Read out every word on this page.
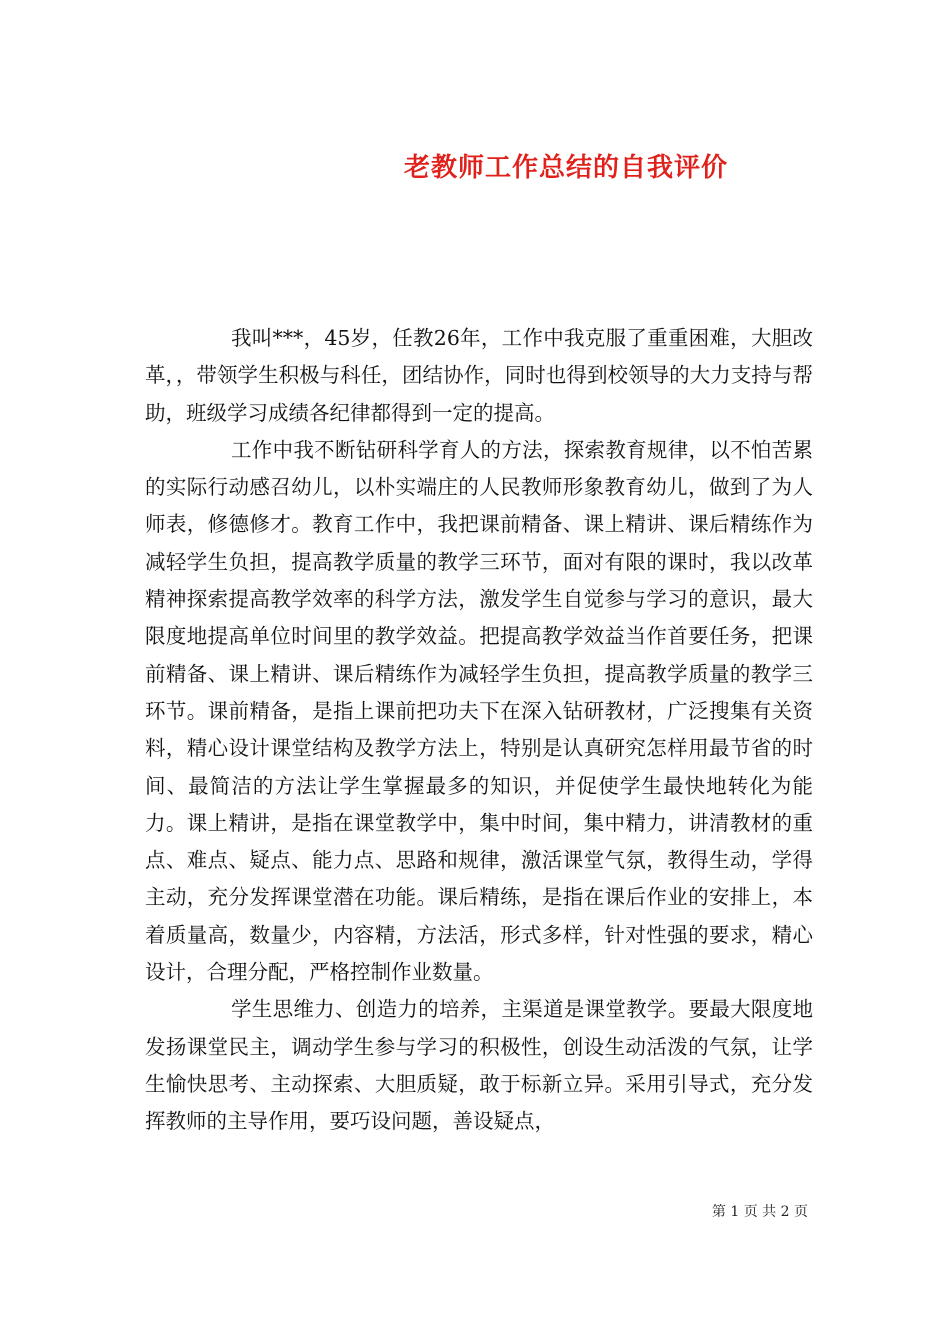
老教师工作总结的自我评价

我叫***，45岁，任教26年，工作中我克服了重重困难，大胆改革，，带领学生积极与科任，团结协作，同时也得到校领导的大力支持与帮助，班级学习成绩各纪律都得到一定的提高。

工作中我不断钻研科学育人的方法，探索教育规律，以不怕苦累的实际行动感召幼儿，以朴实端庄的人民教师形象教育幼儿，做到了为人师表，修德修才。教育工作中，我把课前精备、课上精讲、课后精练作为减轻学生负担，提高教学质量的教学三环节，面对有限的课时，我以改革精神探索提高教学效率的科学方法，激发学生自觉参与学习的意识，最大限度地提高单位时间里的教学效益。把提高教学效益当作首要任务，把课前精备、课上精讲、课后精练作为减轻学生负担，提高教学质量的教学三环节。课前精备，是指上课前把功夫下在深入钻研教材，广泛搜集有关资料，精心设计课堂结构及教学方法上，特别是认真研究怎样用最节省的时间、最简洁的方法让学生掌握最多的知识，并促使学生最快地转化为能力。课上精讲，是指在课堂教学中，集中时间，集中精力，讲清教材的重点、难点、疑点、能力点、思路和规律，激活课堂气氛，教得生动，学得主动，充分发挥课堂潜在功能。课后精练，是指在课后作业的安排上，本着质量高，数量少，内容精，方法活，形式多样，针对性强的要求，精心设计，合理分配，严格控制作业数量。

学生思维力、创造力的培养，主渠道是课堂教学。要最大限度地发扬课堂民主，调动学生参与学习的积极性，创设生动活泼的气氛，让学生愉快思考、主动探索、大胆质疑，敢于标新立异。采用引导式，充分发挥教师的主导作用，要巧设问题，善设疑点，

第 1 页 共 2 页
